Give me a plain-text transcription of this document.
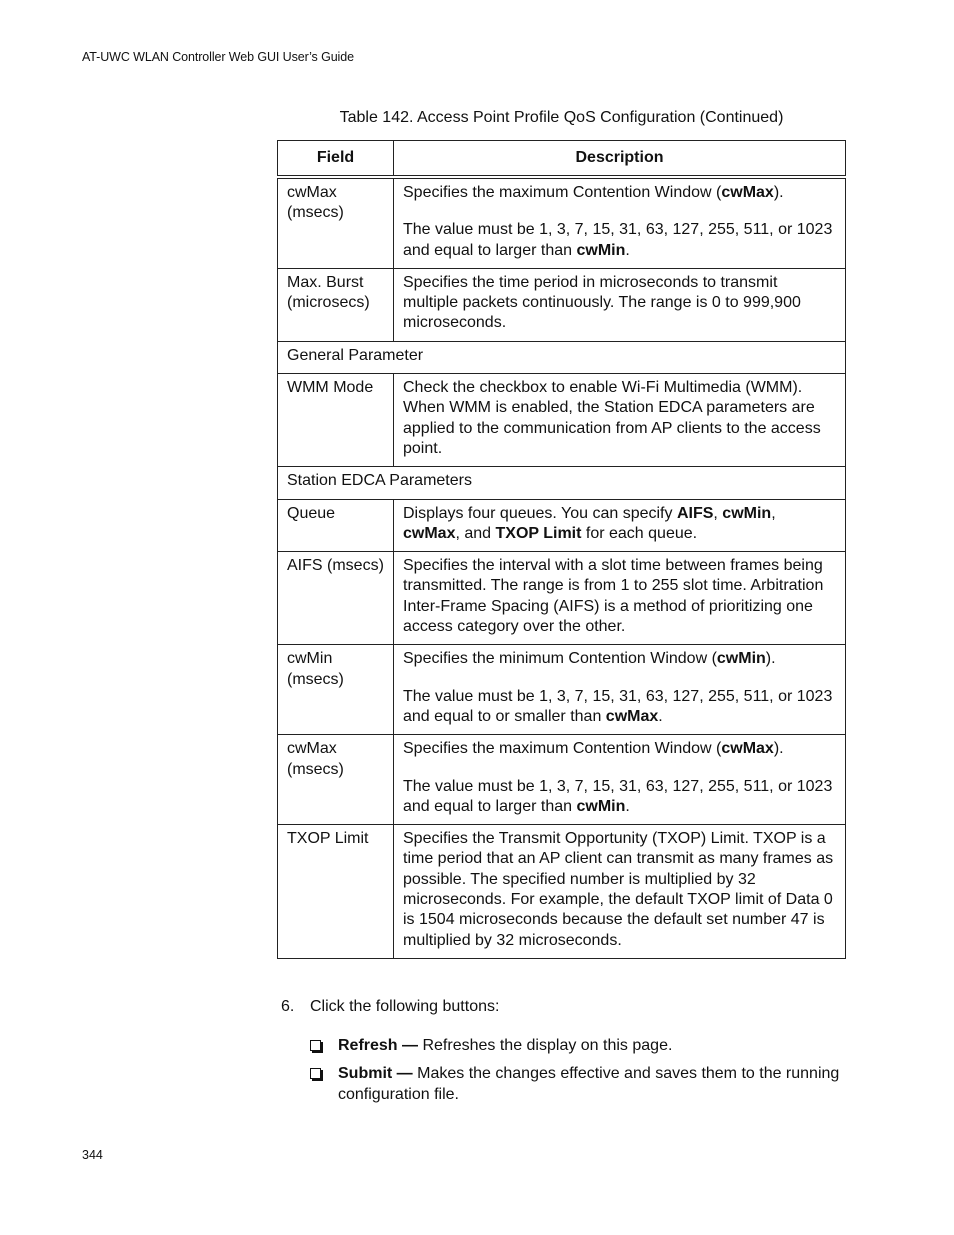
AT-UWC WLAN Controller Web GUI User’s Guide
Table 142. Access Point Profile QoS Configuration (Continued)
Field	Description
cwMax (msecs)	Specifies the maximum Contention Window (cwMax).
The value must be 1, 3, 7, 15, 31, 63, 127, 255, 511, or 1023 and equal to larger than cwMin.

Max. Burst (microsecs)	Specifies the time period in microseconds to transmit multiple packets continuously. The range is 0 to 999,900 microseconds.
General Parameter	
WMM Mode	Check the checkbox to enable Wi-Fi Multimedia (WMM). When WMM is enabled, the Station EDCA parameters are applied to the communication from AP clients to the access point.
Station EDCA Parameters	
Queue	Displays four queues. You can specify AIFS, cwMin, cwMax, and TXOP Limit for each queue.
AIFS (msecs)	Specifies the interval with a slot time between frames being transmitted. The range is from 1 to 255 slot time. Arbitration Inter-Frame Spacing (AIFS) is a method of prioritizing one access category over the other.
cwMin (msecs)	Specifies the minimum Contention Window (cwMin).
The value must be 1, 3, 7, 15, 31, 63, 127, 255, 511, or 1023 and equal to or smaller than cwMax.

cwMax (msecs)	Specifies the maximum Contention Window (cwMax).
The value must be 1, 3, 7, 15, 31, 63, 127, 255, 511, or 1023 and equal to larger than cwMin.

TXOP Limit	Specifies the Transmit Opportunity (TXOP) Limit. TXOP is a time period that an AP client can transmit as many frames as possible. The specified number is multiplied by 32 microseconds. For example, the default TXOP limit of Data 0 is 1504 microseconds because the default set number 47 is multiplied by 32 microseconds.
6. Click the following buttons:
Refresh — Refreshes the display on this page.
Submit — Makes the changes effective and saves them to the running configuration file.
344
